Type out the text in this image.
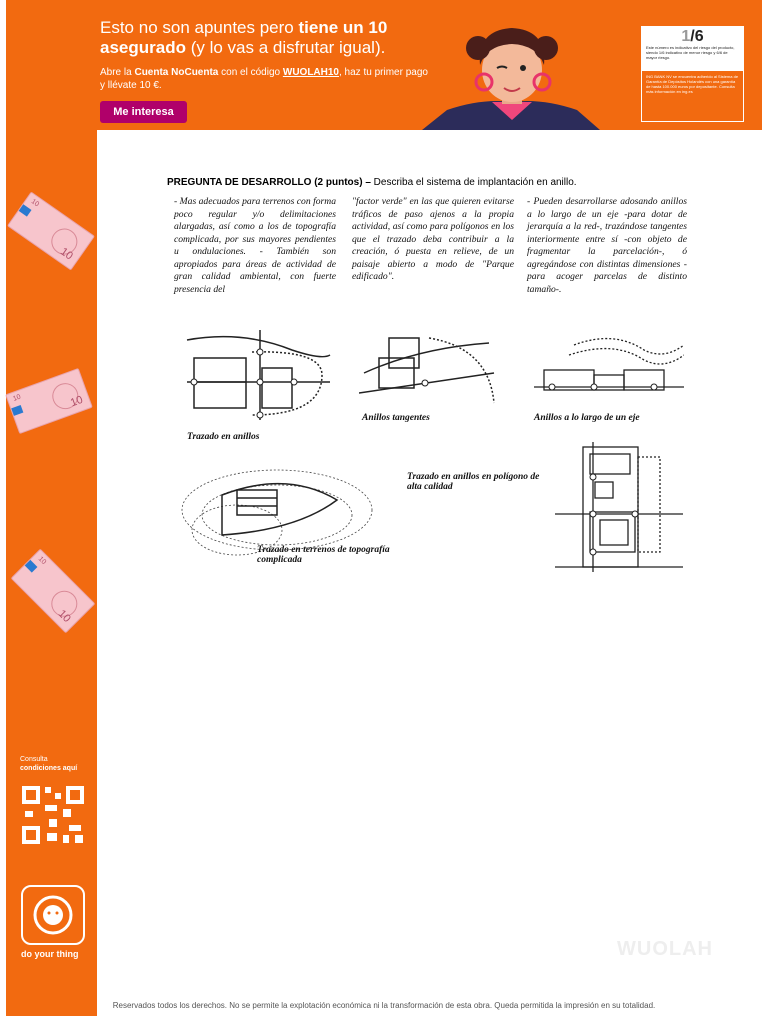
Esto no son apuntes pero tiene un 10 asegurado (y lo vas a disfrutar igual).
Abre la Cuenta NoCuenta con el código WUOLAH10, haz tu primer pago y llévate 10 €.
Me interesa
1/6
Este número es indicativo del riesgo del producto, siendo 1/6 indicativo de menor riesgo y 6/6 de mayor riesgo.
ING BANK NV se encuentra adherido al Sistema de Garantía de Depósitos Holandés con una garantía de hasta 100.000 euros por depositante. Consulta más información en ing.es
10
10
10
10
10
10
Consulta
condiciones aquí
do your thing
PREGUNTA DE DESARROLLO (2 puntos) – Describa el sistema de implantación en anillo.
- Mas adecuados para terrenos con forma poco regular y/o delimitaciones alargadas, así como a los de topografía complicada, por sus mayores pendientes u ondulaciones. - También son apropiados para áreas de actividad de gran calidad ambiental, con fuerte presencia del
"factor verde" en las que quieren evitarse tráficos de paso ajenos a la propia actividad, así como para polígonos en los que el trazado deba contribuir a la creación, ó puesta en relieve, de un paisaje abierto a modo de "Parque edificado".
- Pueden desarrollarse adosando anillos a lo largo de un eje -para dotar de jerarquía a la red-, trazándose tangentes interiormente entre sí -con objeto de fragmentar la parcelación-, ó agregándose con distintas dimensiones -para acoger parcelas de distinto tamaño-.
Trazado en anillos
Anillos tangentes	Anillos a lo largo de un eje
Trazado en terrenos de topografía
complicada
Trazado en anillos en polígono de
alta calidad
WUOLAH
Reservados todos los derechos. No se permite la explotación económica ni la transformación de esta obra. Queda permitida la impresión en su totalidad.
